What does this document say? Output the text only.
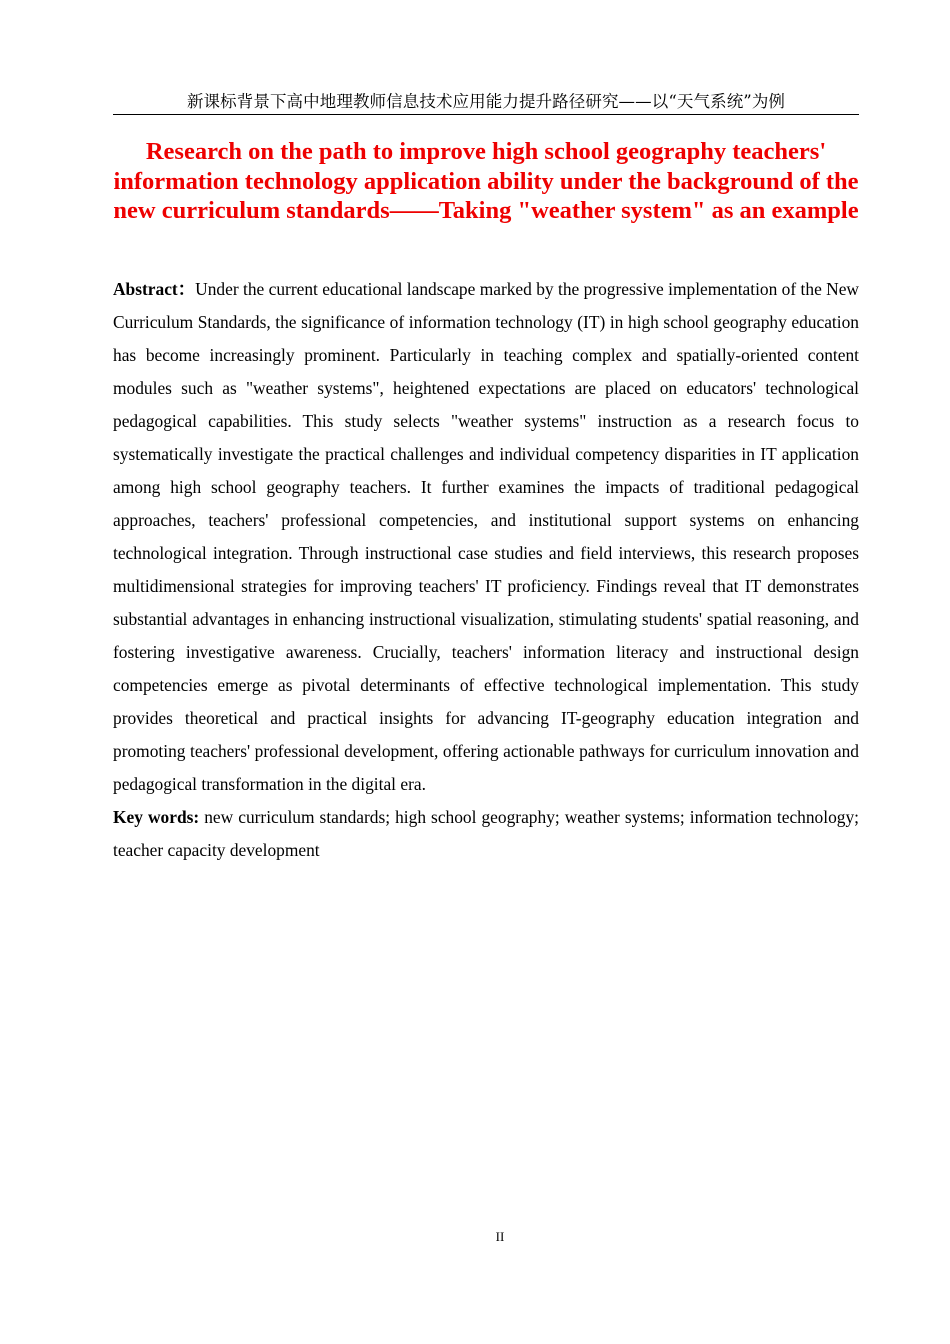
新课标背景下高中地理教师信息技术应用能力提升路径研究——以“天气系统”为例
Research on the path to improve high school geography teachers' information technology application ability under the background of the new curriculum standards——Taking "weather system" as an example

Abstract：Under the current educational landscape marked by the progressive implementation of the New Curriculum Standards, the significance of information technology (IT) in high school geography education has become increasingly prominent. Particularly in teaching complex and spatially-oriented content modules such as "weather systems", heightened expectations are placed on educators' technological pedagogical capabilities. This study selects "weather systems" instruction as a research focus to systematically investigate the practical challenges and individual competency disparities in IT application among high school geography teachers. It further examines the impacts of traditional pedagogical approaches, teachers' professional competencies, and institutional support systems on enhancing technological integration. Through instructional case studies and field interviews, this research proposes multidimensional strategies for improving teachers' IT proficiency. Findings reveal that IT demonstrates substantial advantages in enhancing instructional visualization, stimulating students' spatial reasoning, and fostering investigative awareness. Crucially, teachers' information literacy and instructional design competencies emerge as pivotal determinants of effective technological implementation. This study provides theoretical and practical insights for advancing IT-geography education integration and promoting teachers' professional development, offering actionable pathways for curriculum innovation and pedagogical transformation in the digital era.

Key words: new curriculum standards; high school geography; weather systems; information technology; teacher capacity development

II
